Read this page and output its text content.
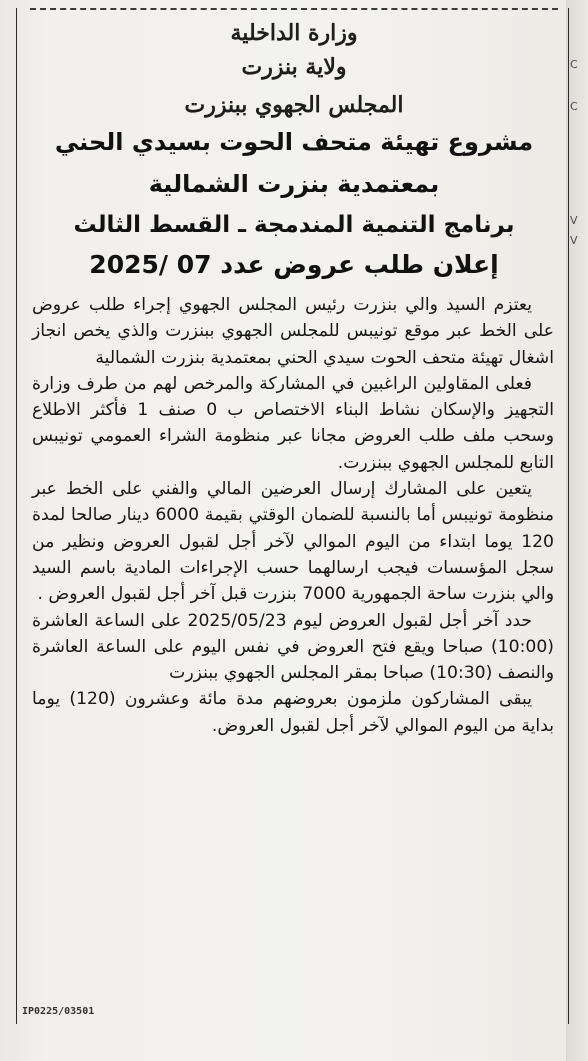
C
C
V
V
وزارة الداخلية
ولاية بنزرت
المجلس الجهوي ببنزرت
مشروع تهيئة متحف الحوت بسيدي الحني
بمعتمدية بنزرت الشمالية
برنامج التنمية المندمجة ـ القسط الثالث
إعلان طلب عروض عدد 07 /2025

يعتزم السيد والي بنزرت رئيس المجلس الجهوي إجراء طلب عروض على الخط عبر موقع تونيبس للمجلس الجهوي ببنزرت والذي يخص انجاز اشغال تهيئة متحف الحوت سيدي الحني بمعتمدية بنزرت الشمالية

فعلى المقاولين الراغبين في المشاركة والمرخص لهم من طرف وزارة التجهيز والإسكان نشاط البناء الاختصاص ب 0 صنف 1 فأكثر الاطلاع وسحب ملف طلب العروض مجانا عبر منظومة الشراء العمومي تونيبس التابع للمجلس الجهوي ببنزرت.

يتعين على المشارك إرسال العرضين المالي والفني على الخط عبر منظومة تونيبس أما بالنسبة للضمان الوقتي بقيمة 6000 دينار صالحا لمدة 120 يوما ابتداء من اليوم الموالي لآخر أجل لقبول العروض ونظير من سجل المؤسسات فيجب ارسالهما حسب الإجراءات المادية باسم السيد والي بنزرت ساحة الجمهورية 7000 بنزرت قبل آخر أجل لقبول العروض .

حدد آخر أجل لقبول العروض ليوم 2025/05/23 على الساعة العاشرة (10:00) صباحا ويقع فتح العروض في نفس اليوم على الساعة العاشرة والنصف (10:30) صباحا بمقر المجلس الجهوي ببنزرت

يبقى المشاركون ملزمون بعروضهم مدة مائة وعشرون (120) يوما بداية من اليوم الموالي لآخر أجل لقبول العروض.

IP0225/03501
